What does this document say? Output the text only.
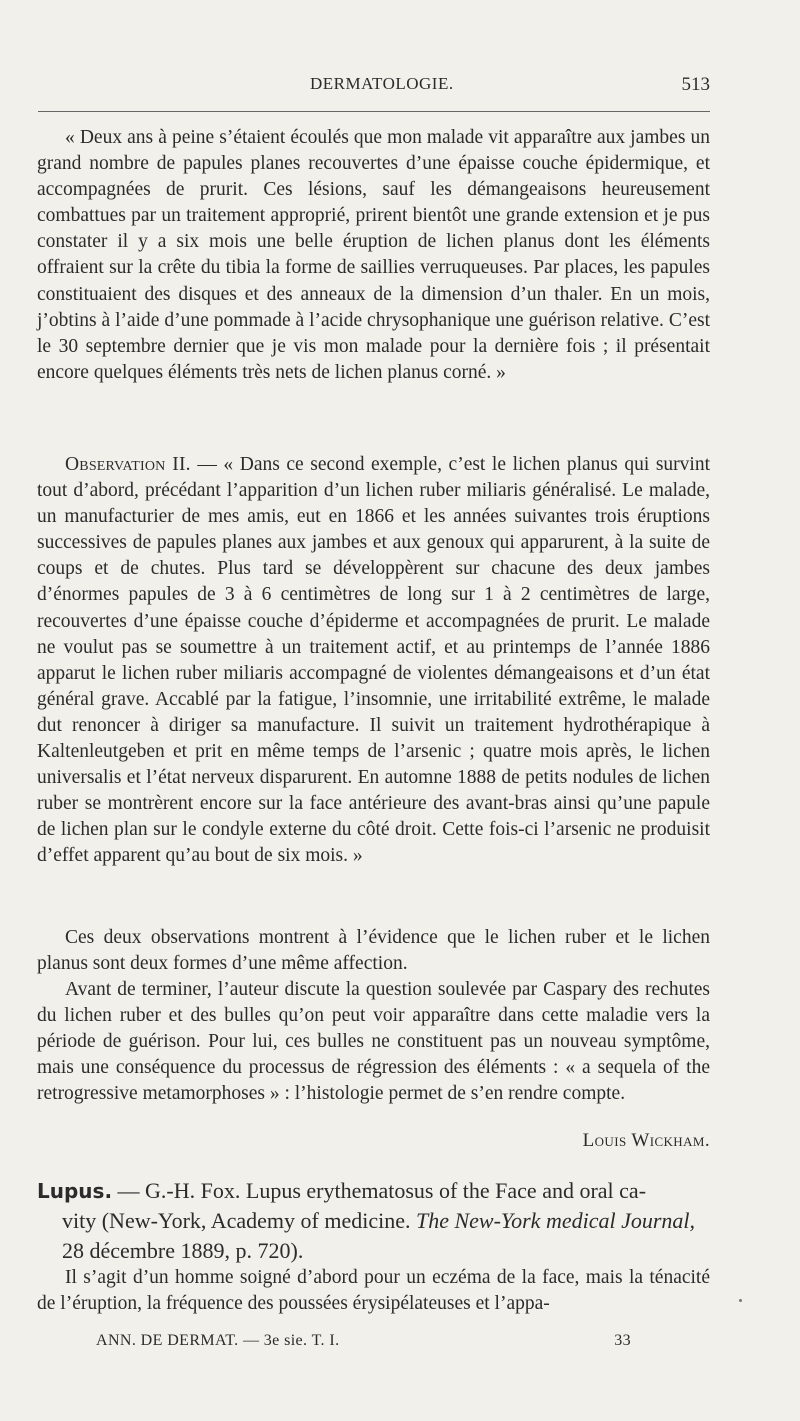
DERMATOLOGIE.	513

« Deux ans à peine s’étaient écoulés que mon malade vit apparaître aux jambes un grand nombre de papules planes recouvertes d’une épaisse couche épidermique, et accompagnées de prurit. Ces lésions, sauf les démangeaisons heureusement combattues par un traitement approprié, prirent bientôt une grande extension et je pus constater il y a six mois une belle éruption de lichen planus dont les éléments offraient sur la crête du tibia la forme de saillies verruqueuses. Par places, les papules constituaient des disques et des anneaux de la dimension d’un thaler. En un mois, j’obtins à l’aide d’une pommade à l’acide chrysophanique une guérison relative. C’est le 30 septembre dernier que je vis mon malade pour la dernière fois ; il présentait encore quelques éléments très nets de lichen planus corné. »

Observation II. — « Dans ce second exemple, c’est le lichen planus qui survint tout d’abord, précédant l’apparition d’un lichen ruber miliaris généralisé. Le malade, un manufacturier de mes amis, eut en 1866 et les années suivantes trois éruptions successives de papules planes aux jambes et aux genoux qui apparurent, à la suite de coups et de chutes. Plus tard se développèrent sur chacune des deux jambes d’énormes papules de 3 à 6 centimètres de long sur 1 à 2 centimètres de large, recouvertes d’une épaisse couche d’épiderme et accompagnées de prurit. Le malade ne voulut pas se soumettre à un traitement actif, et au printemps de l’année 1886 apparut le lichen ruber miliaris accompagné de violentes démangeaisons et d’un état général grave. Accablé par la fatigue, l’insomnie, une irritabilité extrême, le malade dut renoncer à diriger sa manufacture. Il suivit un traitement hydrothérapique à Kaltenleutgeben et prit en même temps de l’arsenic ; quatre mois après, le lichen universalis et l’état nerveux disparurent. En automne 1888 de petits nodules de lichen ruber se montrèrent encore sur la face antérieure des avant-bras ainsi qu’une papule de lichen plan sur le condyle externe du côté droit. Cette fois-ci l’arsenic ne produisit d’effet apparent qu’au bout de six mois. »

Ces deux observations montrent à l’évidence que le lichen ruber et le lichen planus sont deux formes d’une même affection.

Avant de terminer, l’auteur discute la question soulevée par Caspary des rechutes du lichen ruber et des bulles qu’on peut voir apparaître dans cette maladie vers la période de guérison. Pour lui, ces bulles ne constituent pas un nouveau symptôme, mais une conséquence du processus de régression des éléments : « a sequela of the retrogressive metamorphoses » : l’histologie permet de s’en rendre compte.

Louis Wickham.

Lupus. — G.-H. Fox. Lupus erythematosus of the Face and oral ca-
vity (New-York, Academy of medicine. The New-York medical Journal, 28 décembre 1889, p. 720).

Il s’agit d’un homme soigné d’abord pour un eczéma de la face, mais la ténacité de l’éruption, la fréquence des poussées érysipélateuses et l’appa-

ANN. DE DERMAT. — 3e sie. T. I.	33
